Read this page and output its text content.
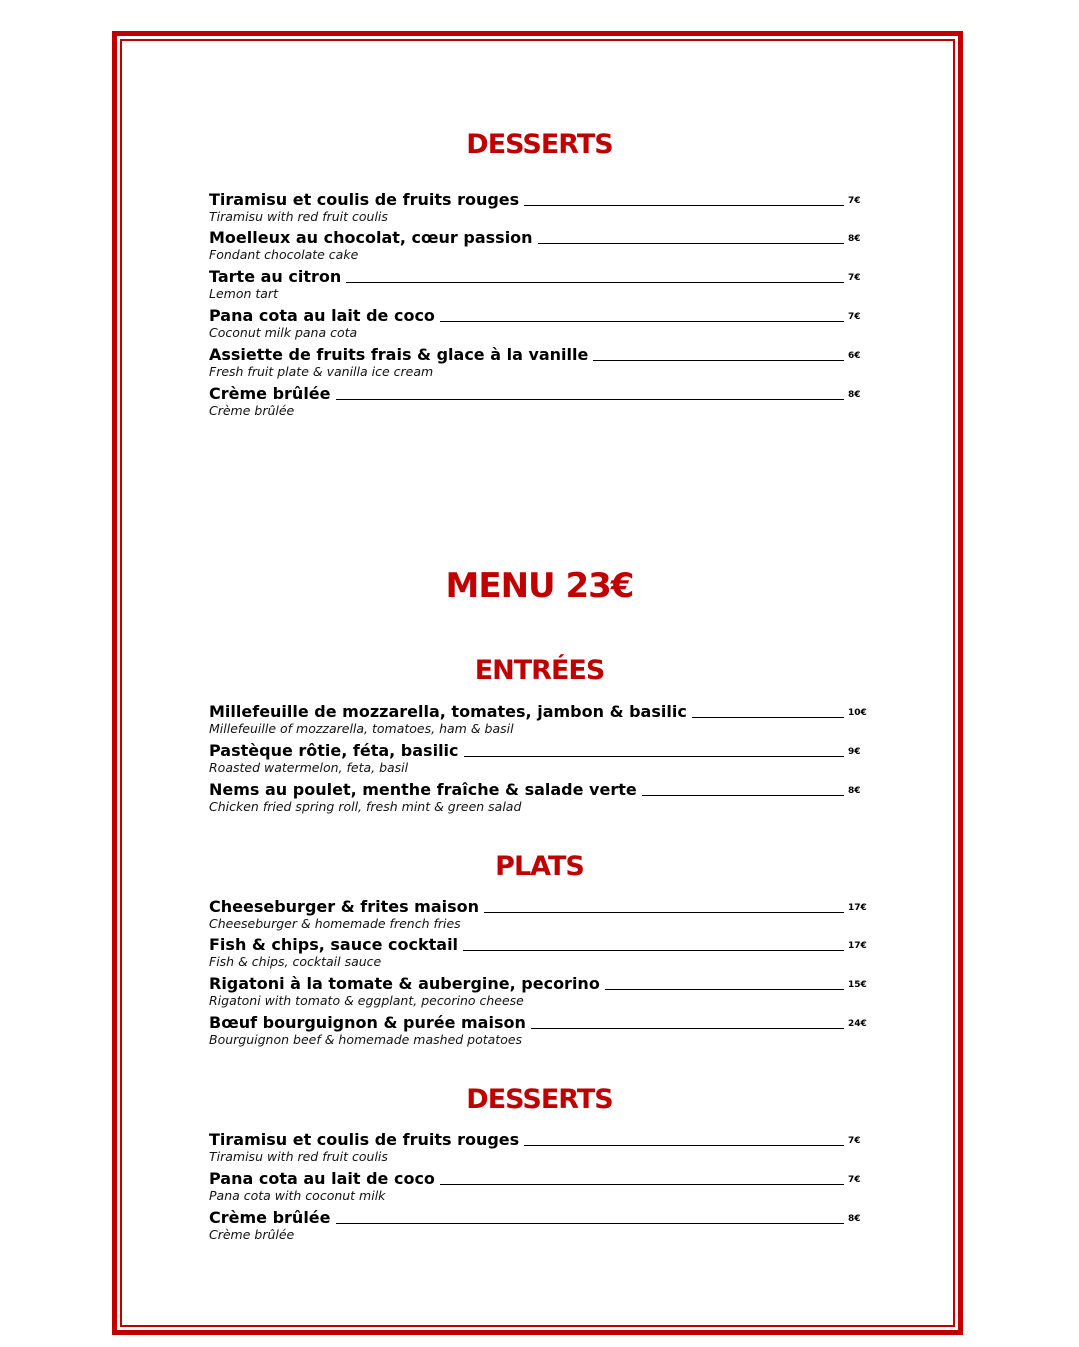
DESSERTS
Tiramisu et coulis de fruits rouges	7€
Tiramisu with red fruit coulis
Moelleux au chocolat, cœur passion	8€
Fondant chocolate cake
Tarte au citron	7€
Lemon tart
Pana cota au lait de coco	7€
Coconut milk pana cota
Assiette de fruits frais & glace à la vanille	6€
Fresh fruit plate & vanilla ice cream
Crème brûlée	8€
Crème brûlée
MENU 23€
ENTRÉES
Millefeuille de mozzarella, tomates, jambon & basilic	10€
Millefeuille of mozzarella, tomatoes, ham & basil
Pastèque rôtie, féta, basilic	9€
Roasted watermelon, feta, basil
Nems au poulet, menthe fraîche & salade verte	8€
Chicken fried spring roll, fresh mint & green salad
PLATS
Cheeseburger & frites maison	17€
Cheeseburger & homemade french fries
Fish & chips, sauce cocktail	17€
Fish & chips, cocktail sauce
Rigatoni à la tomate & aubergine, pecorino	15€
Rigatoni with tomato & eggplant, pecorino cheese
Bœuf bourguignon & purée maison	24€
Bourguignon beef & homemade mashed potatoes
DESSERTS
Tiramisu et coulis de fruits rouges	7€
Tiramisu with red fruit coulis
Pana cota au lait de coco	7€
Pana cota with coconut milk
Crème brûlée	8€
Crème brûlée
